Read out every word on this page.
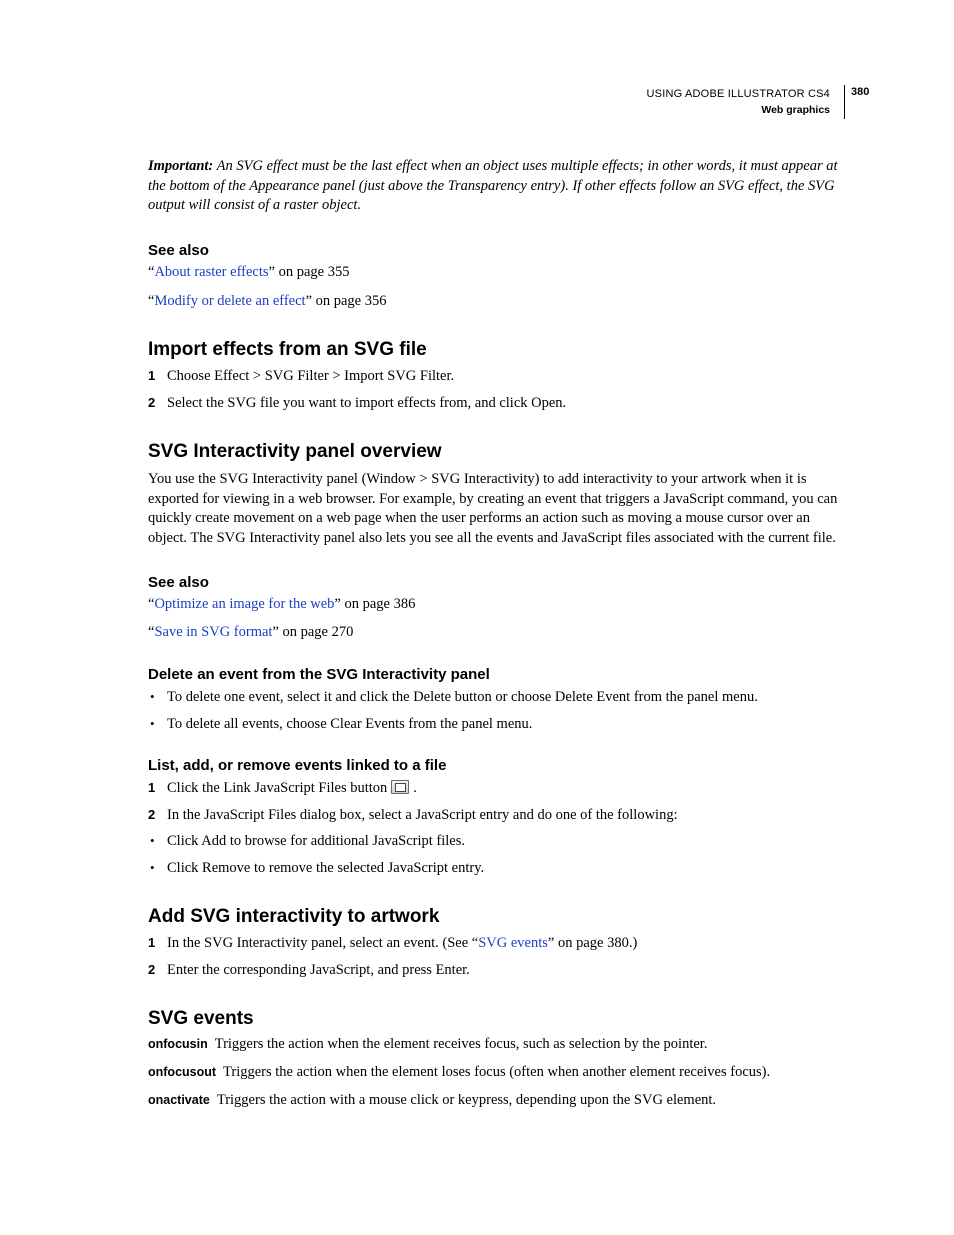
USING ADOBE ILLUSTRATOR CS4
Web graphics
380
Important: An SVG effect must be the last effect when an object uses multiple effects; in other words, it must appear at the bottom of the Appearance panel (just above the Transparency entry). If other effects follow an SVG effect, the SVG output will consist of a raster object.
See also
“About raster effects” on page 355
“Modify or delete an effect” on page 356
Import effects from an SVG file
1 Choose Effect > SVG Filter > Import SVG Filter.
2 Select the SVG file you want to import effects from, and click Open.
SVG Interactivity panel overview
You use the SVG Interactivity panel (Window > SVG Interactivity) to add interactivity to your artwork when it is exported for viewing in a web browser. For example, by creating an event that triggers a JavaScript command, you can quickly create movement on a web page when the user performs an action such as moving a mouse cursor over an object. The SVG Interactivity panel also lets you see all the events and JavaScript files associated with the current file.
See also
“Optimize an image for the web” on page 386
“Save in SVG format” on page 270
Delete an event from the SVG Interactivity panel
• To delete one event, select it and click the Delete button or choose Delete Event from the panel menu.
• To delete all events, choose Clear Events from the panel menu.
List, add, or remove events linked to a file
1 Click the Link JavaScript Files button .
2 In the JavaScript Files dialog box, select a JavaScript entry and do one of the following:
• Click Add to browse for additional JavaScript files.
• Click Remove to remove the selected JavaScript entry.
Add SVG interactivity to artwork
1 In the SVG Interactivity panel, select an event. (See “SVG events” on page 380.)
2 Enter the corresponding JavaScript, and press Enter.
SVG events
onfocusin Triggers the action when the element receives focus, such as selection by the pointer.
onfocusout Triggers the action when the element loses focus (often when another element receives focus).
onactivate Triggers the action with a mouse click or keypress, depending upon the SVG element.
